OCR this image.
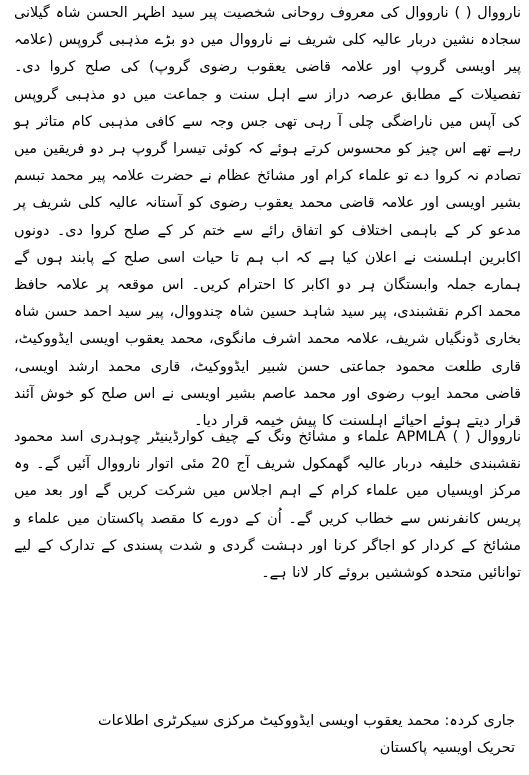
نارووال ( ) نارووال کی معروف روحانی شخصیت پیر سید اظہر الحسن شاہ گیلانی سجادہ نشین دربار عالیہ کلی شریف نے نارووال میں دو بڑے مذہبی گروپس (علامہ پیر اویسی گروپ اور علامہ قاضی یعقوب رضوی گروپ) کی صلح کروا دی۔ تفصیلات کے مطابق عرصہ دراز سے اہل سنت و جماعت میں دو مذہبی گروپس کی آپس میں ناراضگی چلی آ رہی تھی جس وجہ سے کافی مذہبی کام متاثر ہو رہے تھے اس چیز کو محسوس کرتے ہوئے کہ کوئی تیسرا گروپ ہر دو فریقین میں تصادم نہ کروا دے تو علماء کرام اور مشائخ عظام نے حضرت علامہ پیر محمد تبسم بشیر اویسی اور علامہ قاضی محمد یعقوب رضوی کو آستانہ عالیہ کلی شریف پر مدعو کر کے باہمی اختلاف کو اتفاق رائے سے ختم کر کے صلح کروا دی۔ دونوں اکابرین اہلسنت نے اعلان کیا ہے کہ اب ہم تا حیات اسی صلح کے پابند ہوں گے ہمارے جملہ وابستگان ہر دو اکابر کا احترام کریں۔ اس موقعہ پر علامہ حافظ محمد اکرم نقشبندی، پیر سید شاہد حسین شاہ چندووال، پیر سید احمد حسن شاہ بخاری ڈونگیاں شریف، علامہ محمد اشرف مانگوی، محمد یعقوب اویسی ایڈووکیٹ، قاری طلعت محمود جماعتی حسن شبیر ایڈووکیٹ، قاری محمد ارشد اویسی، قاضی محمد ایوب رضوی اور محمد عاصم بشیر اویسی نے اس صلح کو خوش آئند قرار دیتے ہوئے احیائے اہلسنت کا پیش خیمہ قرار دیا۔

نارووال ( ) APMLA علماء و مشائخ ونگ کے چیف کوارڈینیٹر چوہدری اسد محمود نقشبندی خلیفہ دربار عالیہ گھمکول شریف آج 20 مئی اتوار نارووال آئیں گے۔ وہ مرکز اویسیاں میں علماء کرام کے اہم اجلاس میں شرکت کریں گے اور بعد میں پریس کانفرنس سے خطاب کریں گے۔ اُن کے دورے کا مقصد پاکستان میں علماء و مشائخ کے کردار کو اجاگر کرنا اور دہشت گردی و شدت پسندی کے تدارک کے لیے توانائیں متحدہ کوششیں بروئے کار لانا ہے۔

جاری کردہ: محمد یعقوب اویسی ایڈووکیٹ مرکزی سیکرٹری اطلاعات تحریک اویسیہ پاکستان
